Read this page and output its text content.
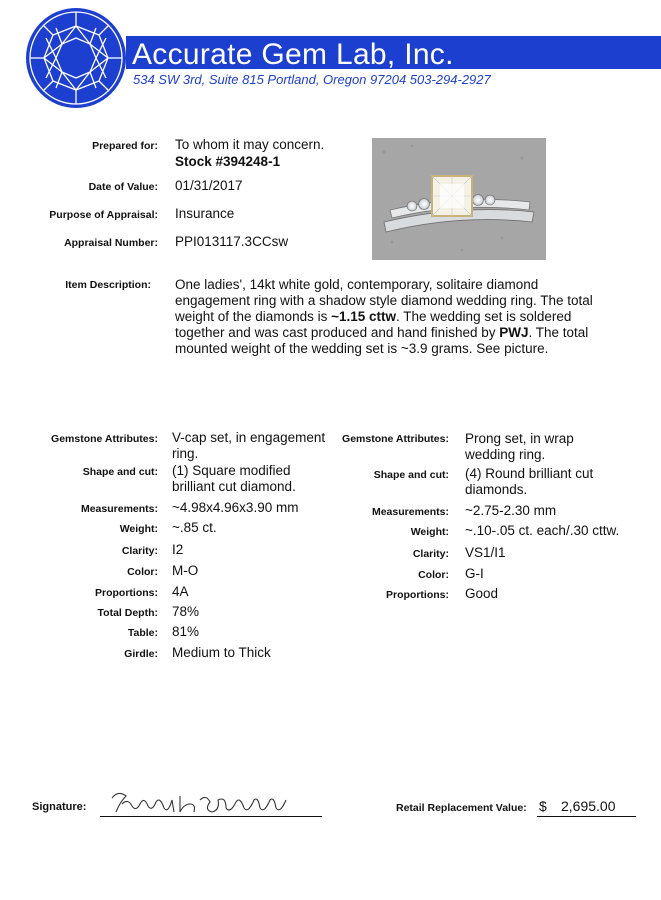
Accurate Gem Lab, Inc.
534 SW 3rd, Suite 815 Portland, Oregon 97204 503-294-2927
Prepared for: To whom it may concern.
Stock #394248-1
Date of Value: 01/31/2017
Purpose of Appraisal: Insurance
Appraisal Number: PPI013117.3CCsw
Item Description: One ladies', 14kt white gold, contemporary, solitaire diamond engagement ring with a shadow style diamond wedding ring. The total weight of the diamonds is ~1.15 cttw. The wedding set is soldered together and was cast produced and hand finished by PWJ. The total mounted weight of the wedding set is ~3.9 grams. See picture.
Gemstone Attributes: V-cap set, in engagement ring.
Shape and cut: (1) Square modified brilliant cut diamond.
Measurements: ~4.98x4.96x3.90 mm
Weight: ~.85 ct.
Clarity: I2
Color: M-O
Proportions: 4A
Total Depth: 78%
Table: 81%
Girdle: Medium to Thick
Gemstone Attributes: Prong set, in wrap wedding ring.
Shape and cut: (4) Round brilliant cut diamonds.
Measurements: ~2.75-2.30 mm
Weight: ~.10-.05 ct. each/.30 cttw.
Clarity: VS1/I1
Color: G-I
Proportions: Good
Signature:	Retail Replacement Value: $ 2,695.00
